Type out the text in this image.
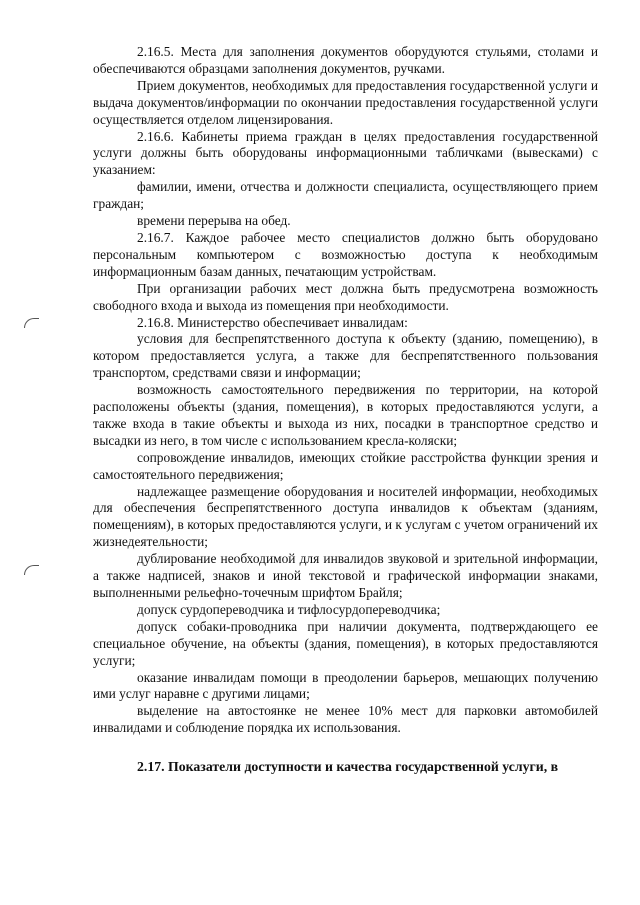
2.16.5. Места для заполнения документов оборудуются стульями, столами и обеспечиваются образцами заполнения документов, ручками.

Прием документов, необходимых для предоставления государственной услуги и выдача документов/информации по окончании предоставления государственной услуги осуществляется отделом лицензирования.

2.16.6. Кабинеты приема граждан в целях предоставления государственной услуги должны быть оборудованы информационными табличками (вывесками) с указанием:

фамилии, имени, отчества и должности специалиста, осуществляющего прием граждан;

времени перерыва на обед.

2.16.7. Каждое рабочее место специалистов должно быть оборудовано персональным компьютером с возможностью доступа к необходимым информационным базам данных, печатающим устройствам.

При организации рабочих мест должна быть предусмотрена возможность свободного входа и выхода из помещения при необходимости.

2.16.8. Министерство обеспечивает инвалидам:

условия для беспрепятственного доступа к объекту (зданию, помещению), в котором предоставляется услуга, а также для беспрепятственного пользования транспортом, средствами связи и информации;

возможность самостоятельного передвижения по территории, на которой расположены объекты (здания, помещения), в которых предоставляются услуги, а также входа в такие объекты и выхода из них, посадки в транспортное средство и высадки из него, в том числе с использованием кресла-коляски;

сопровождение инвалидов, имеющих стойкие расстройства функции зрения и самостоятельного передвижения;

надлежащее размещение оборудования и носителей информации, необходимых для обеспечения беспрепятственного доступа инвалидов к объектам (зданиям, помещениям), в которых предоставляются услуги, и к услугам с учетом ограничений их жизнедеятельности;

дублирование необходимой для инвалидов звуковой и зрительной информации, а также надписей, знаков и иной текстовой и графической информации знаками, выполненными рельефно-точечным шрифтом Брайля;

допуск сурдопереводчика и тифлосурдопереводчика;

допуск собаки-проводника при наличии документа, подтверждающего ее специальное обучение, на объекты (здания, помещения), в которых предоставляются услуги;

оказание инвалидам помощи в преодолении барьеров, мешающих получению ими услуг наравне с другими лицами;

выделение на автостоянке не менее 10% мест для парковки автомобилей инвалидами и соблюдение порядка их использования.

2.17. Показатели доступности и качества государственной услуги, в
